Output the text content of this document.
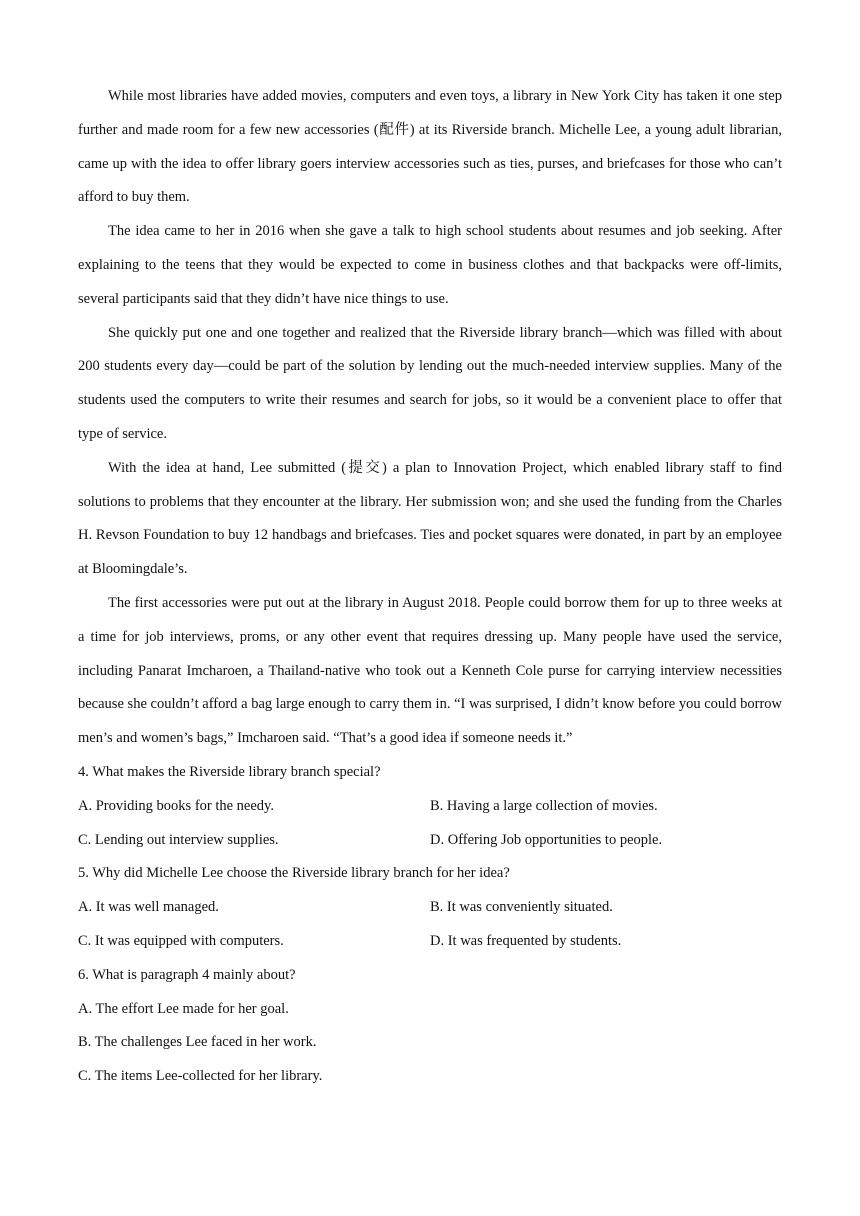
While most libraries have added movies, computers and even toys, a library in New York City has taken it one step further and made room for a few new accessories (配件) at its Riverside branch. Michelle Lee, a young adult librarian, came up with the idea to offer library goers interview accessories such as ties, purses, and briefcases for those who can’t afford to buy them.

The idea came to her in 2016 when she gave a talk to high school students about resumes and job seeking. After explaining to the teens that they would be expected to come in business clothes and that backpacks were off-limits, several participants said that they didn’t have nice things to use.

She quickly put one and one together and realized that the Riverside library branch—which was filled with about 200 students every day—could be part of the solution by lending out the much-needed interview supplies. Many of the students used the computers to write their resumes and search for jobs, so it would be a convenient place to offer that type of service.

With the idea at hand, Lee submitted (提交) a plan to Innovation Project, which enabled library staff to find solutions to problems that they encounter at the library. Her submission won; and she used the funding from the Charles H. Revson Foundation to buy 12 handbags and briefcases. Ties and pocket squares were donated, in part by an employee at Bloomingdale’s.

The first accessories were put out at the library in August 2018. People could borrow them for up to three weeks at a time for job interviews, proms, or any other event that requires dressing up. Many people have used the service, including Panarat Imcharoen, a Thailand-native who took out a Kenneth Cole purse for carrying interview necessities because she couldn’t afford a bag large enough to carry them in. “I was surprised, I didn’t know before you could borrow men’s and women’s bags,” Imcharoen said. “That’s a good idea if someone needs it.”

4. What makes the Riverside library branch special?

A. Providing books for the needy.	B. Having a large collection of movies.
C. Lending out interview supplies.	D. Offering Job opportunities to people.

5. Why did Michelle Lee choose the Riverside library branch for her idea?

A. It was well managed.	B. It was conveniently situated.
C. It was equipped with computers.	D. It was frequented by students.

6. What is paragraph 4 mainly about?

A. The effort Lee made for her goal.

B. The challenges Lee faced in her work.

C. The items Lee-collected for her library.
